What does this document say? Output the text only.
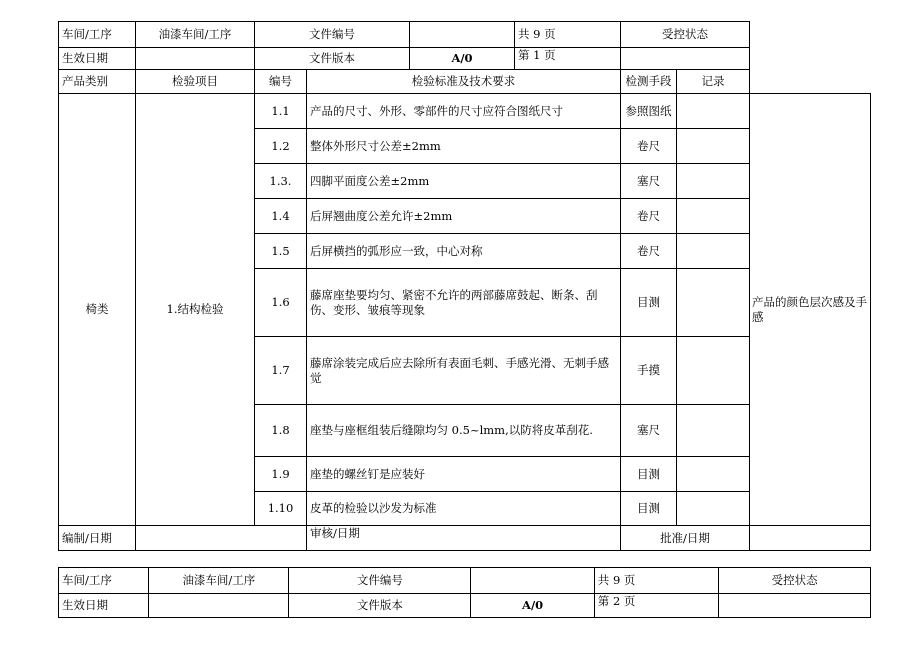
车间/工序	油漆车间/工序	文件编号			共 9 页	受控状态		
生效日期		文件版本		A/0	第 1 页			
产品类别	检验项目	编号	检验标准及技术要求			检测手段	记录	
椅类	1.结构检验	1.1	产品的尺寸、外形、零部件的尺寸应符合图纸尺寸			参照图纸		产品的颜色层次感及手感
		1.2	整体外形尺寸公差±2mm			卷尺		
		1.3.	四脚平面度公差±2mm			塞尺		
		1.4	后屏翘曲度公差允许±2mm			卷尺		
		1.5	后屏横挡的弧形应一致，中心对称			卷尺		
		1.6	藤席座垫要均匀、紧密不允许的两部藤席鼓起、断条、刮伤、变形、皱痕等现象			目测		
		1.7	藤席涂装完成后应去除所有表面毛刺、手感光滑、无刺手感觉			手摸		
		1.8	座垫与座框组装后缝隙均匀 0.5~lmm,以防将皮革刮花.			塞尺		
		1.9	座垫的螺丝钉是应装好			目测		
		1.10	皮革的检验以沙发为标准			目测		
编制/日期			审核/日期			批准/日期		
车间/工序	油漆车间/工序	文件编号		共 9 页	受控状态
生效日期		文件版本	A/0	第 2 页	
